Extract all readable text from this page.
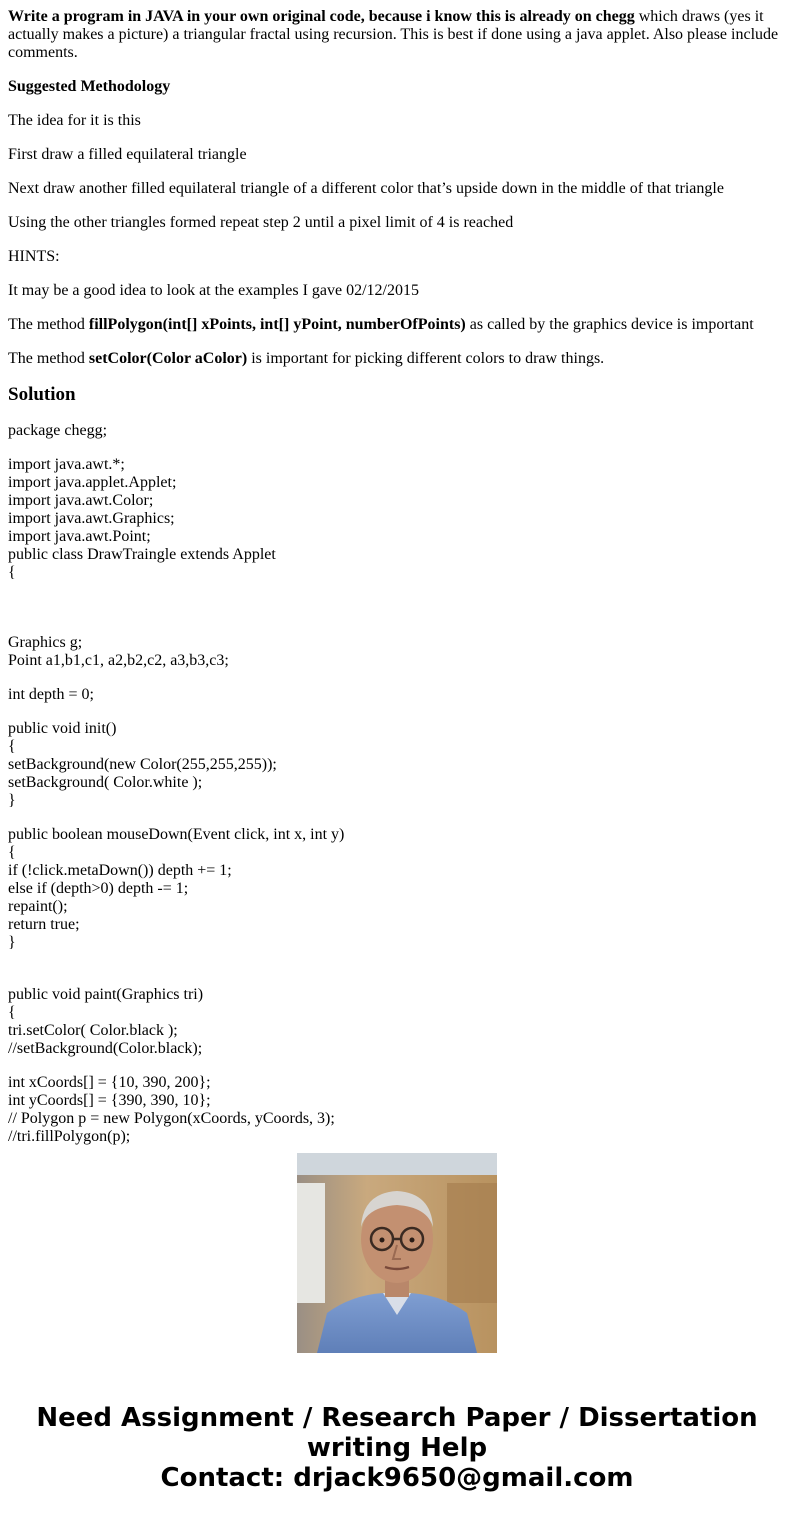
Write a program in JAVA in your own original code, because i know this is already on chegg which draws (yes it actually makes a picture) a triangular fractal using recursion. This is best if done using a java applet. Also please include comments.

Suggested Methodology

The idea for it is this

First draw a filled equilateral triangle

Next draw another filled equilateral triangle of a different color that’s upside down in the middle of that triangle

Using the other triangles formed repeat step 2 until a pixel limit of 4 is reached

HINTS:

It may be a good idea to look at the examples I gave 02/12/2015

The method fillPolygon(int[] xPoints, int[] yPoint, numberOfPoints) as called by the graphics device is important

The method setColor(Color aColor) is important for picking different colors to draw things.

Solution
package chegg;
import java.awt.*;
import java.applet.Applet;
import java.awt.Color;
import java.awt.Graphics;
import java.awt.Point;
public class DrawTraingle extends Applet
{
Graphics g;
Point a1,b1,c1, a2,b2,c2, a3,b3,c3;
int depth = 0;
public void init()
{
setBackground(new Color(255,255,255));
setBackground( Color.white );
}
public boolean mouseDown(Event click, int x, int y)
{
if (!click.metaDown()) depth += 1;
else if (depth>0) depth -= 1;
repaint();
return true;
}
public void paint(Graphics tri)
{
tri.setColor( Color.black );
//setBackground(Color.black);
int xCoords[] = {10, 390, 200};
int yCoords[] = {390, 390, 10};
// Polygon p = new Polygon(xCoords, yCoords, 3);
//tri.fillPolygon(p);
Need Assignment / Research Paper / Dissertation
writing Help
Contact: drjack9650@gmail.com
